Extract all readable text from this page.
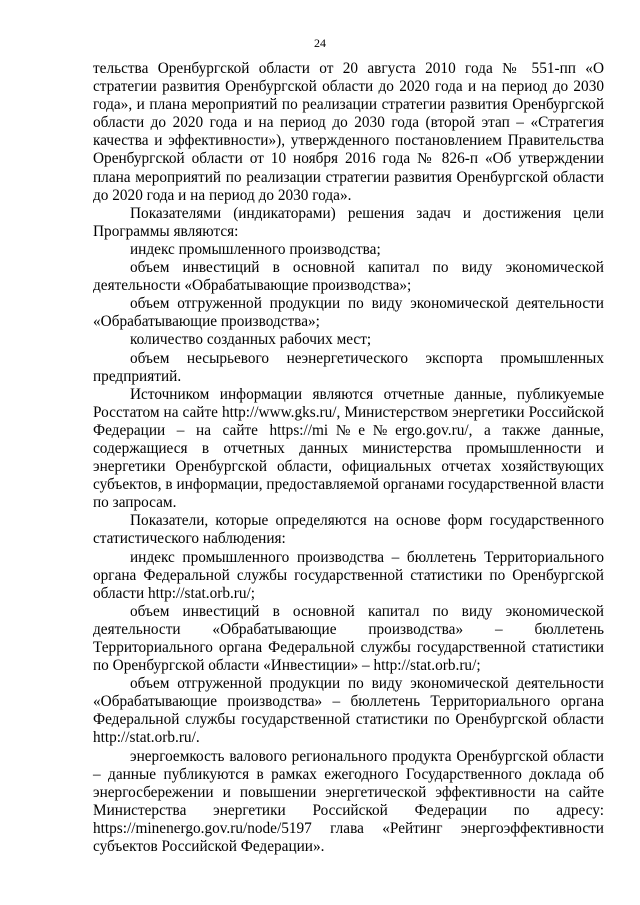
24

тельства Оренбургской области от 20 августа 2010 года № 551-пп «О стратегии развития Оренбургской области до 2020 года и на период до 2030 года», и плана мероприятий по реализации стратегии развития Оренбургской области до 2020 года и на период до 2030 года (второй этап – «Стратегия качества и эффективности»), утвержденного постановлением Правительства Оренбургской области от 10 ноября 2016 года № 826-п «Об утверждении плана мероприятий по реализации стратегии развития Оренбургской области до 2020 года и на период до 2030 года».

Показателями (индикаторами) решения задач и достижения цели Программы являются:

индекс промышленного производства;

объем инвестиций в основной капитал по виду экономической деятельности «Обрабатывающие производства»;

объем отгруженной продукции по виду экономической деятельности «Обрабатывающие производства»;

количество созданных рабочих мест;

объем несырьевого неэнергетического экспорта промышленных предприятий.

Источником информации являются отчетные данные, публикуемые Росстатом на сайте http://www.gks.ru/, Министерством энергетики Российской Федерации – на сайте https://mi№e№ergo.gov.ru/, а также данные, содержащиеся в отчетных данных министерства промышленности и энергетики Оренбургской области, официальных отчетах хозяйствующих субъектов, в информации, предоставляемой органами государственной власти по запросам.

Показатели, которые определяются на основе форм государственного статистического наблюдения:

индекс промышленного производства – бюллетень Территориального органа Федеральной службы государственной статистики по Оренбургской области http://stat.orb.ru/;

объем инвестиций в основной капитал по виду экономической деятельности «Обрабатывающие производства» – бюллетень Территориального органа Федеральной службы государственной статистики по Оренбургской области «Инвестиции» – http://stat.orb.ru/;

объем отгруженной продукции по виду экономической деятельности «Обрабатывающие производства» – бюллетень Территориального органа Федеральной службы государственной статистики по Оренбургской области http://stat.orb.ru/.

энергоемкость валового регионального продукта Оренбургской области – данные публикуются в рамках ежегодного Государственного доклада об энергосбережении и повышении энергетической эффективности на сайте Министерства энергетики Российской Федерации по адресу: https://minenergo.gov.ru/node/5197 глава «Рейтинг энергоэффективности субъектов Российской Федерации».
